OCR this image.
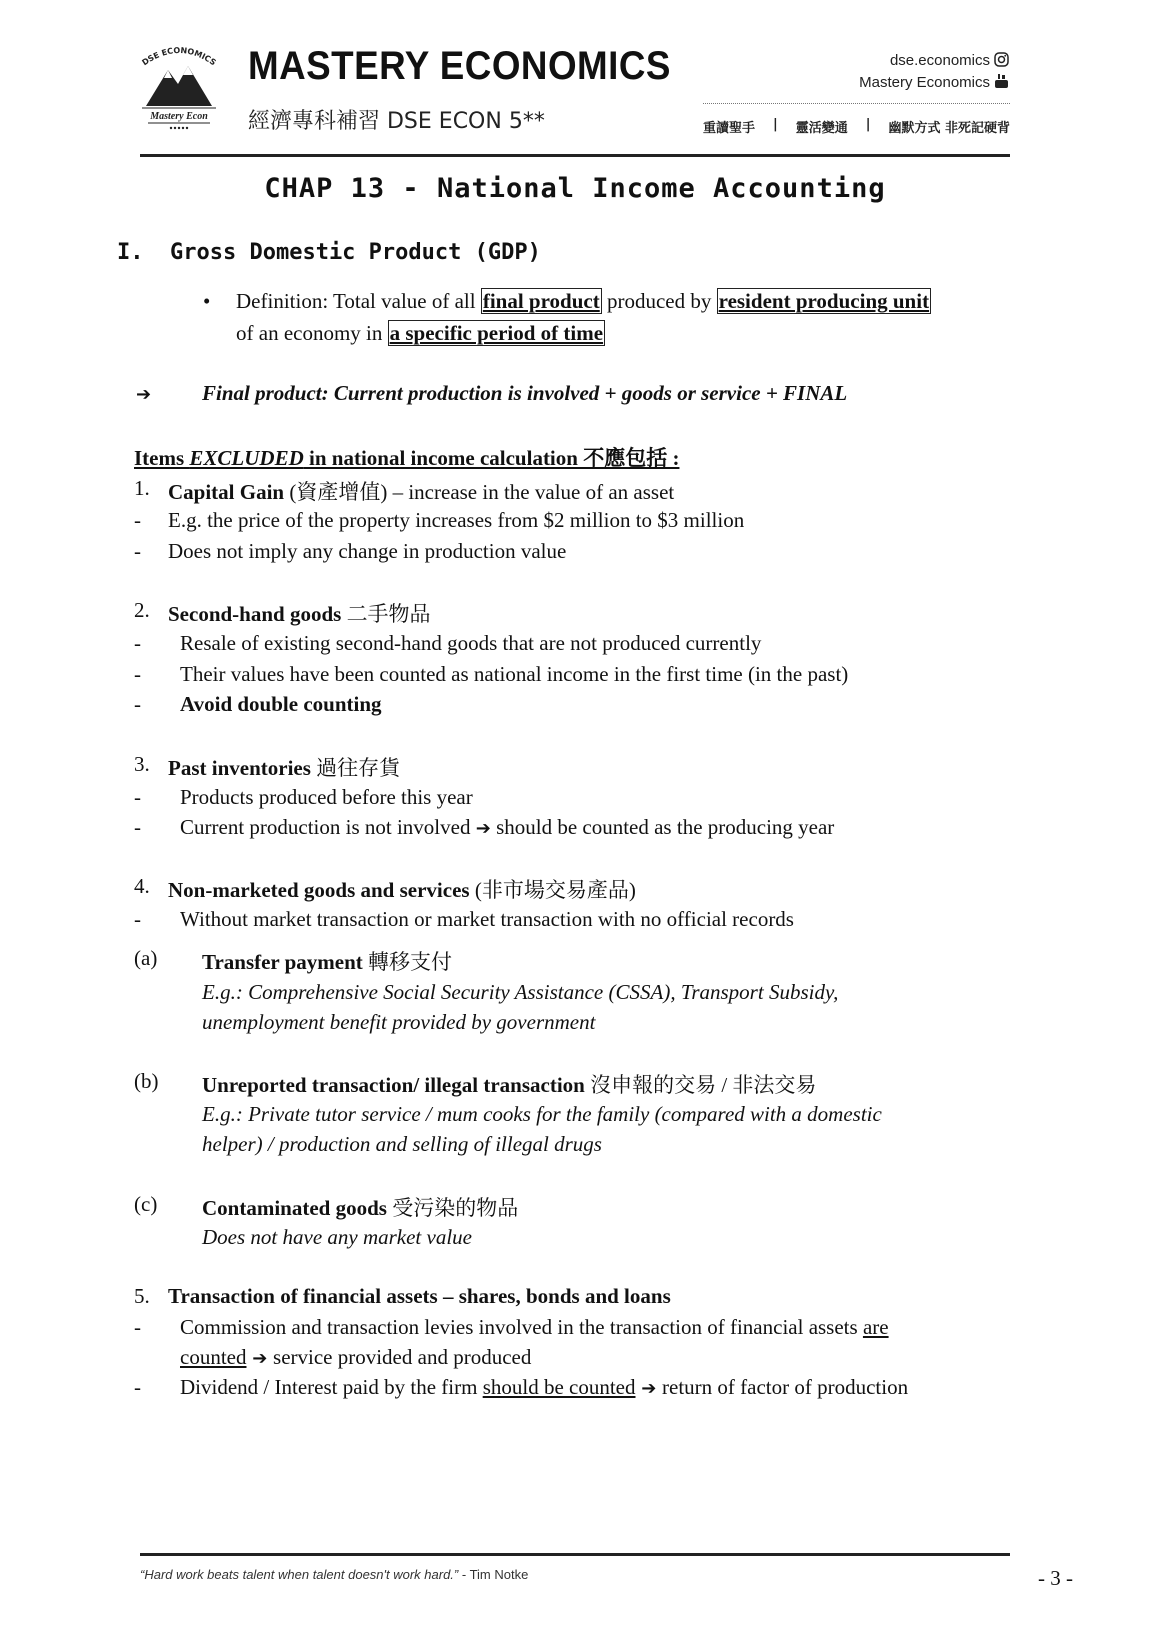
DSE ECONOMICS
Mastery Econ
MASTERY ECONOMICS
經濟專科補習 DSE ECON 5**
dse.economics
Mastery Economics
重讀聖手 | 靈活變通 | 幽默方式 非死記硬背
CHAP 13 - National Income Accounting
I. Gross Domestic Product (GDP)
• Definition: Total value of all final product produced by resident producing unit
of an economy in a specific period of time
➔ Final product: Current production is involved + goods or service + FINAL
Items EXCLUDED in national income calculation 不應包括 :
1. Capital Gain (資產增值) – increase in the value of an asset
- E.g. the price of the property increases from $2 million to $3 million
- Does not imply any change in production value
2. Second-hand goods 二手物品
- Resale of existing second-hand goods that are not produced currently
- Their values have been counted as national income in the first time (in the past)
- Avoid double counting
3. Past inventories 過往存貨
- Products produced before this year
- Current production is not involved ➔ should be counted as the producing year
4. Non-marketed goods and services (非市場交易產品)
- Without market transaction or market transaction with no official records
(a) Transfer payment 轉移支付
E.g.: Comprehensive Social Security Assistance (CSSA), Transport Subsidy,
unemployment benefit provided by government
(b) Unreported transaction/ illegal transaction 沒申報的交易 / 非法交易
E.g.: Private tutor service / mum cooks for the family (compared with a domestic
helper) / production and selling of illegal drugs
(c) Contaminated goods 受污染的物品
Does not have any market value
5. Transaction of financial assets – shares, bonds and loans
- Commission and transaction levies involved in the transaction of financial assets are
counted ➔ service provided and produced
- Dividend / Interest paid by the firm should be counted ➔ return of factor of production
“Hard work beats talent when talent doesn't work hard.” - Tim Notke	- 3 -
